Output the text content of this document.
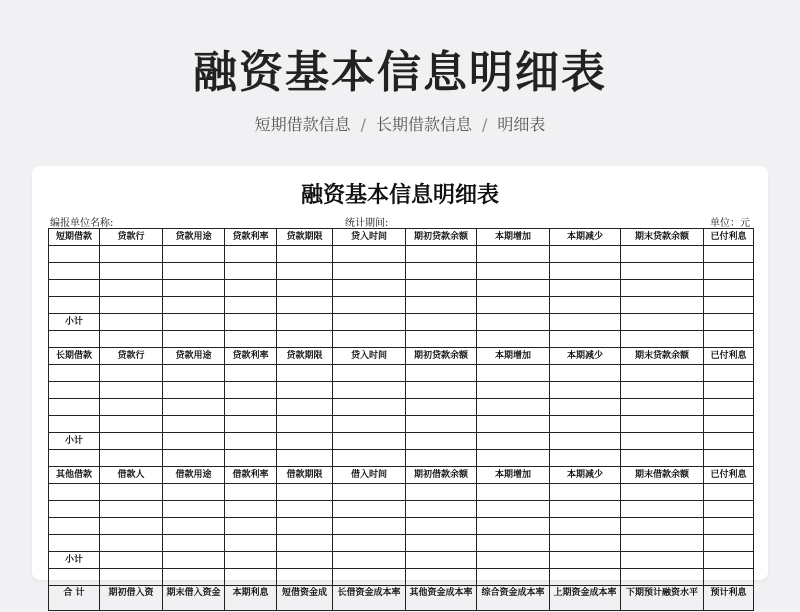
融资基本信息明细表
短期借款信息 / 长期借款信息 / 明细表
融资基本信息明细表
编报单位名称:	统计期间:	单位：元
短期借款	贷款行	贷款用途	贷款利率	贷款期限	贷入时间	期初贷款余额	本期增加	本期减少	期末贷款余额	已付利息

小计										

长期借款	贷款行	贷款用途	贷款利率	贷款期限	贷入时间	期初贷款余额	本期增加	本期减少	期末贷款余额	已付利息

小计										

其他借款	借款人	借款用途	借款利率	借款期限	借入时间	期初借款余额	本期增加	本期减少	期末借款余额	已付利息

小计										

合 计	期初借入资	期末借入资金	本期利息	短借资金成	长借资金成本率	其他资金成本率	综合资金成本率	上期资金成本率	下期预计融资水平	预计利息
